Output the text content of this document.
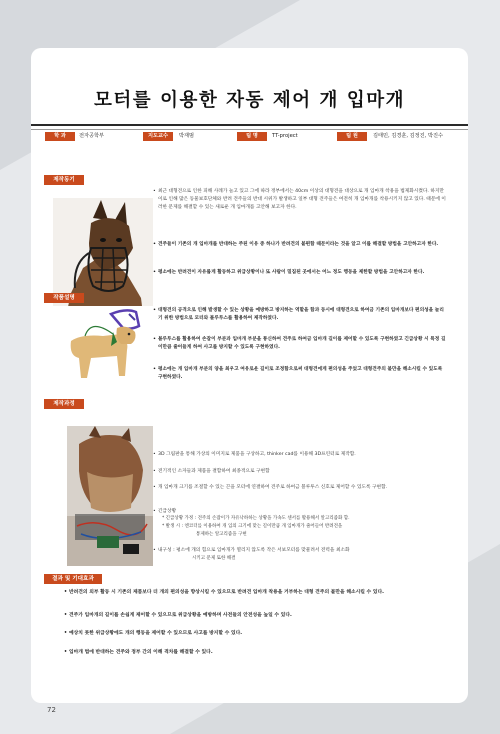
모터를 이용한 자동 제어 개 입마개
학 과	전자공학부	지도교수	박재범	팀 명	TT-project	팀 원	김태민, 김경훈, 김정진, 박진수
제작동기
• 최근 대형견으로 인한 피해 사례가 늘고 있고 그에 따라 정부에서는 40cm 이상의 대형견을 대상으로 개 입마개 착용을 법제화시켰다. 하지만 이로 인해 많은 동물보호단체와 반려 견주들의 반대 시위가 발생하고 일부 대형 견주들은 여전히 개 입마개를 착용시키지 않고 있다. 때문에 이러한 문제를 해결할 수 있는 새로운 개 입마개를 고안해 보고자 한다.
• 견주들이 기존의 개 입마개를 반대하는 주된 이유 중 하나가 반려견의 불편함 때문이라는 것을 알고 이를 해결할 방법을 고안하고자 한다.
• 평소에는 반려견이 자유롭게 활동하고 위급상황이나 또 사람이 밀집된 곳에서는 어느 정도 행동을 제한할 방법을 고안하고자 한다.
작품설명
• 대형견의 공격으로 인해 발생할 수 있는 상황을 예방하고 방지하는 역할을 함과 동시에 대형견으로 하여금 기존의 입마개보다 편의성을 늘리기 위한 방법으로 모터와 블루투스를 활용하여 제작하였다.
• 블루투스를 활용하여 손잡이 부분과 입마개 부분을 통신하여 견주로 하여금 입마개 길이를 제어할 수 있도록 구현하였고 긴급상황 시 특정 길이만큼 줄어들게 하여 사고를 방지할 수 있도록 구현하였다.
• 평소에는 개 입마개 부분의 양을 최우고 여유로운 길이로 조정함으로써 대형견에게 편의성을 주었고 대형견주의 불만을 해소시킬 수 있도록 구현하였다.
제작과정
• 3D 그림판을 통해 가상의 이미지로 제품을 구상하고, thinker cad를 이용해 3D프린터로 제작함.
• 전기적인 소자들과 제품을 결합하여 최종적으로 구현함
• 개 입마개 크기를 조절할 수 있는 끈을 모터에 연결하여 견주로 하여금 블루투스 신호로 제어할 수 있도록 구현함.
• 긴급상황
* 긴급상황 가정 : 견주의 손잡이가 자유낙하하는 상황을 가속도 센서를 활용해서 알고리즘화 함.
* 발생 시 : 엔코더를 이용하여 개 입의 크기에 맞는 길이만큼 개 입마개가 줄어들어 반려견을
통제하는 알고리즘을 구현
• 내구성 : 평소에 개의 힘으로 입마개가 열리지 않도록 작은 서보모터를 맞물려서 전력을 최소화
시키고 문제 또한 해결
결과 및 기대효과
• 반려견의 외부 활동 시 기존의 제품보다 더 개의 편의성을 향상시킬 수 있으므로 반려견 입마개 착용을 거부하는 대형 견주의 불만을 해소시킬 수 있다.
• 견주가 입마개의 길이를 손쉽게 제어할 수 있으므로 위급상황을 예방하며 사전들의 안전성을 높일 수 있다.
• 예상치 못한 위급상황에도 개의 행동을 제어할 수 있으므로 사고를 방지할 수 있다.
• 입마개 법에 반대하는 견주와 정부 간의 이해 격차를 해결할 수 있다.
72
